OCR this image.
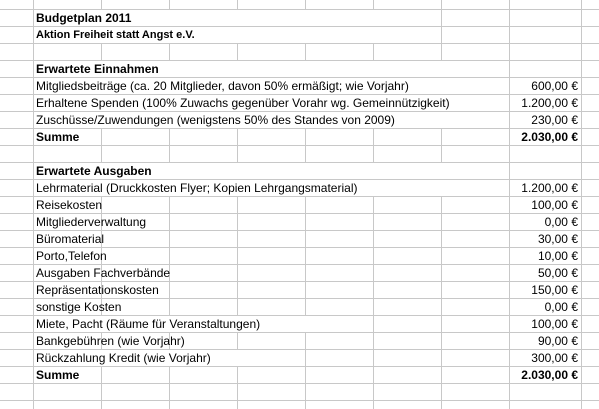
Budgetplan 2011
Aktion Freiheit statt Angst e.V.
Erwartete Einnahmen
Mitgliedsbeiträge (ca. 20 Mitglieder, davon 50% ermäßigt; wie Vorjahr)	600,00 €
Erhaltene Spenden (100% Zuwachs gegenüber Vorahr wg. Gemeinnützigkeit)	1.200,00 €
Zuschüsse/Zuwendungen (wenigstens 50% des Standes von 2009)	230,00 €
Summe	2.030,00 €
Erwartete Ausgaben
Lehrmaterial (Druckkosten Flyer; Kopien Lehrgangsmaterial)	1.200,00 €
Reisekosten	100,00 €
Mitgliederverwaltung	0,00 €
Büromaterial	30,00 €
Porto,Telefon	10,00 €
Ausgaben Fachverbände	50,00 €
Repräsentationskosten	150,00 €
sonstige Kosten	0,00 €
Miete, Pacht (Räume für Veranstaltungen)	100,00 €
Bankgebühren (wie Vorjahr)	90,00 €
Rückzahlung Kredit (wie Vorjahr)	300,00 €
Summe	2.030,00 €
